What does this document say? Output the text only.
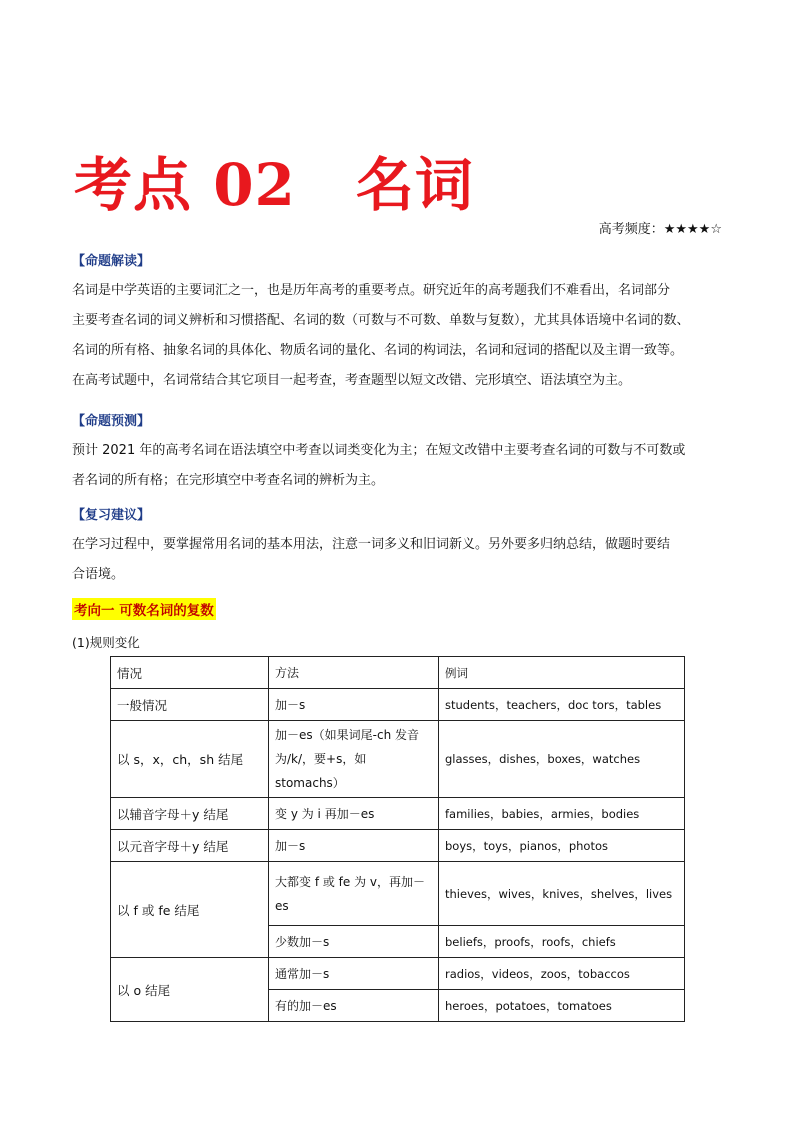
考点 02 名词
高考频度：★★★★☆
【命题解读】
名词是中学英语的主要词汇之一，也是历年高考的重要考点。研究近年的高考题我们不难看出，名词部分
主要考查名词的词义辨析和习惯搭配、名词的数（可数与不可数、单数与复数），尤其具体语境中名词的数、
名词的所有格、抽象名词的具体化、物质名词的量化、名词的构词法，名词和冠词的搭配以及主谓一致等。
在高考试题中，名词常结合其它项目一起考查，考查题型以短文改错、完形填空、语法填空为主。
【命题预测】
预计 2021 年的高考名词在语法填空中考查以词类变化为主；在短文改错中主要考查名词的可数与不可数或
者名词的所有格；在完形填空中考查名词的辨析为主。
【复习建议】
在学习过程中，要掌握常用名词的基本用法，注意一词多义和旧词新义。另外要多归纳总结，做题时要结
合语境。
考向一 可数名词的复数
(1)规则变化
情况	方法	例词
一般情况	加－s	students，teachers，doc tors，tables
以 s，x，ch，sh 结尾	加－es（如果词尾-ch 发音为/k/，要+s，如 stomachs）	glasses，dishes，boxes，watches
以辅音字母＋y 结尾	变 y 为 i 再加－es	families，babies，armies，bodies
以元音字母＋y 结尾	加－s	boys，toys，pianos，photos
以 f 或 fe 结尾	大都变 f 或 fe 为 v，再加－es	thieves，wives，knives，shelves，lives
	少数加－s	beliefs，proofs，roofs，chiefs
以 o 结尾	通常加－s	radios，videos，zoos，tobaccos
	有的加－es	heroes，potatoes，tomatoes
